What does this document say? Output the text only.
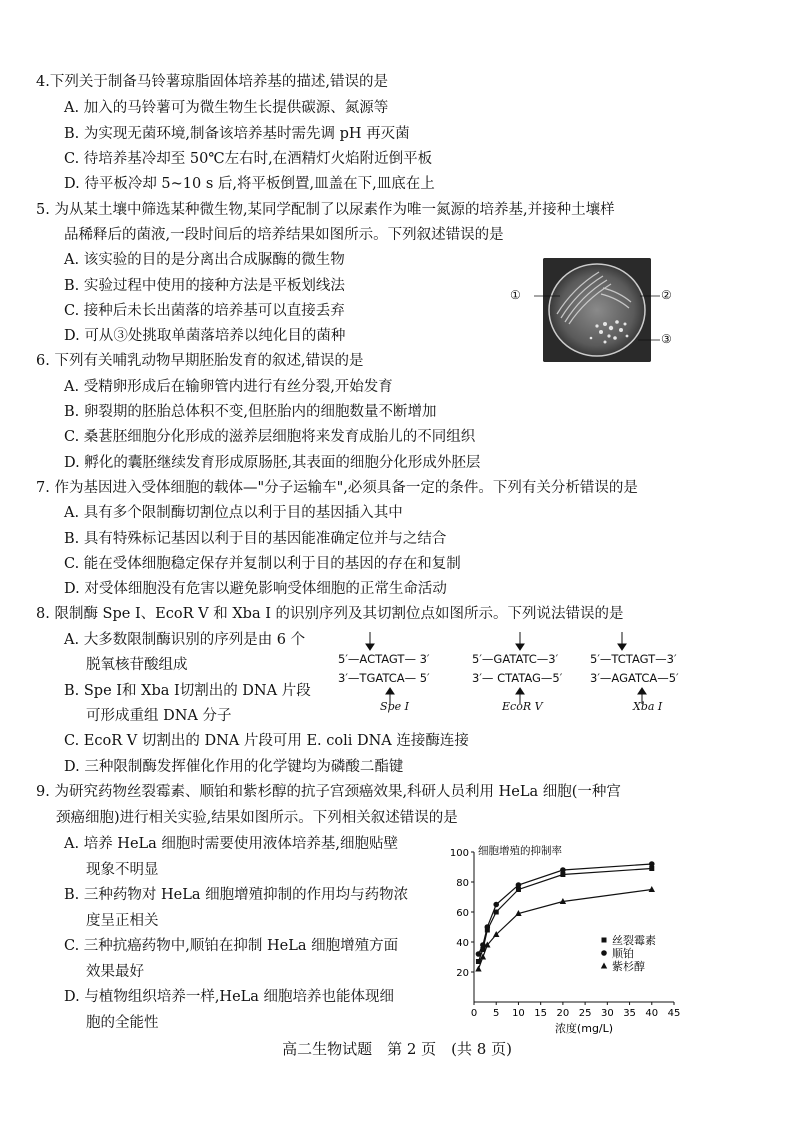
4.下列关于制备马铃薯琼脂固体培养基的描述,错误的是
A. 加入的马铃薯可为微生物生长提供碳源、氮源等
B. 为实现无菌环境,制备该培养基时需先调 pH 再灭菌
C. 待培养基冷却至 50℃左右时,在酒精灯火焰附近倒平板
D. 待平板冷却 5~10 s 后,将平板倒置,皿盖在下,皿底在上
5. 为从某土壤中筛选某种微生物,某同学配制了以尿素作为唯一氮源的培养基,并接种土壤样
品稀释后的菌液,一段时间后的培养结果如图所示。下列叙述错误的是
A. 该实验的目的是分离出合成脲酶的微生物
B. 实验过程中使用的接种方法是平板划线法
C. 接种后未长出菌落的培养基可以直接丢弃
D. 可从③处挑取单菌落培养以纯化目的菌种
①	②
③
6. 下列有关哺乳动物早期胚胎发育的叙述,错误的是
A. 受精卵形成后在输卵管内进行有丝分裂,开始发育
B. 卵裂期的胚胎总体积不变,但胚胎内的细胞数量不断增加
C. 桑葚胚细胞分化形成的滋养层细胞将来发育成胎儿的不同组织
D. 孵化的囊胚继续发育形成原肠胚,其表面的细胞分化形成外胚层
7. 作为基因进入受体细胞的载体—"分子运输车",必须具备一定的条件。下列有关分析错误的是
A. 具有多个限制酶切割位点以利于目的基因插入其中
B. 具有特殊标记基因以利于目的基因能准确定位并与之结合
C. 能在受体细胞稳定保存并复制以利于目的基因的存在和复制
D. 对受体细胞没有危害以避免影响受体细胞的正常生命活动
8. 限制酶 Spe Ⅰ、EcoR Ⅴ 和 Xba Ⅰ 的识别序列及其切割位点如图所示。下列说法错误的是
A. 大多数限制酶识别的序列是由 6 个
脱氧核苷酸组成
B. Spe Ⅰ和 Xba Ⅰ切割出的 DNA 片段
可形成重组 DNA 分子
C. EcoR Ⅴ 切割出的 DNA 片段可用 E. coli DNA 连接酶连接
D. 三种限制酶发挥催化作用的化学键均为磷酸二酯键
5′—ACTAGT— 3′
3′—TGATCA— 5′
Spe Ⅰ
5′—GATATC—3′
3′— CTATAG—5′
EcoR Ⅴ
5′—TCTAGT—3′
3′—AGATCA—5′
Xba Ⅰ
9. 为研究药物丝裂霉素、顺铂和紫杉醇的抗子宫颈癌效果,科研人员利用 HeLa 细胞(一种宫
颈癌细胞)进行相关实验,结果如图所示。下列相关叙述错误的是
A. 培养 HeLa 细胞时需要使用液体培养基,细胞贴壁
现象不明显
B. 三种药物对 HeLa 细胞增殖抑制的作用均与药物浓
度呈正相关
C. 三种抗癌药物中,顺铂在抑制 HeLa 细胞增殖方面
效果最好
D. 与植物组织培养一样,HeLa 细胞培养也能体现细
胞的全能性
20
40
60
80
100
0 5 10 15 20 25 30 35 40 45
细胞增殖的抑制率
浓度(mg/L)
丝裂霉素
顺铂
紫杉醇
高二生物试题　第 2 页　(共 8 页)
